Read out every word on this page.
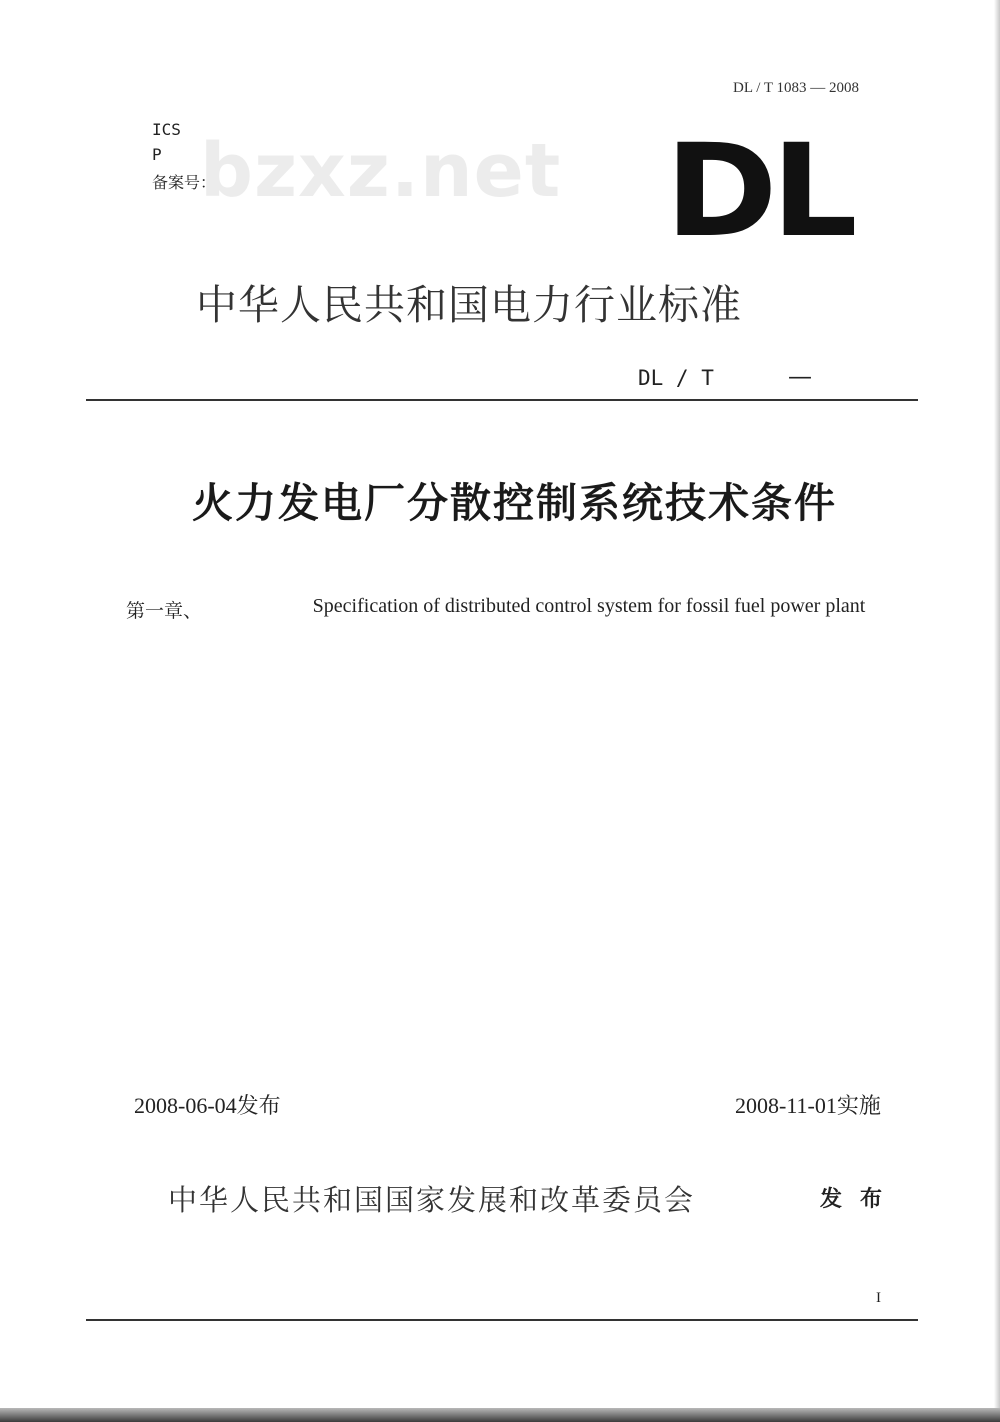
DL / T 1083 — 2008
ICS
P
备案号：
bzxz.net DL
中华人民共和国电力行业标准
DL / T	—
火力发电厂分散控制系统技术条件
第一章、	Specification of distributed control system for fossil fuel power plant
2008-06-04发布	2008-11-01实施
中华人民共和国国家发展和改革委员会	发布
I
